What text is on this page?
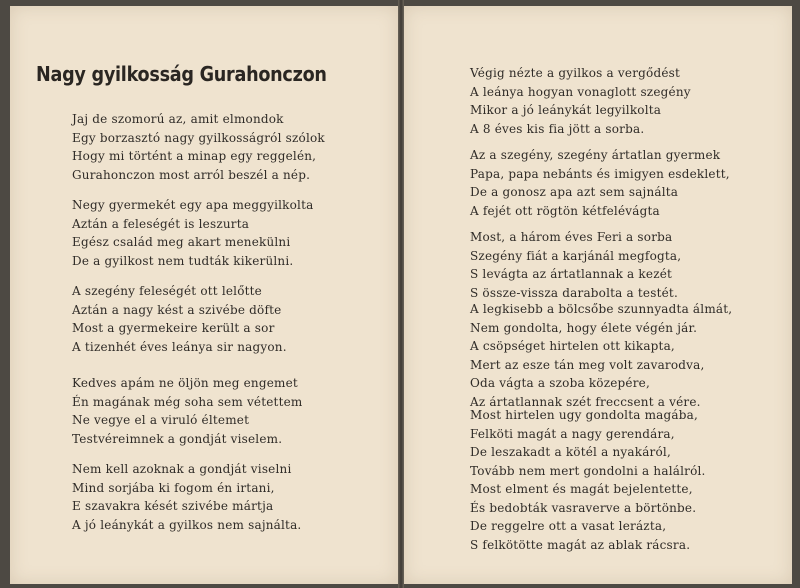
Nagy gyilkosság Gurahonczon
Jaj de szomorú az, amit elmondok
Egy borzasztó nagy gyilkosságról szólok
Hogy mi történt a minap egy reggelén,
Gurahonczon most arról beszél a nép.
Negy gyermekét egy apa meggyilkolta
Aztán a feleségét is leszurta
Egész család meg akart menekülni
De a gyilkost nem tudták kikerülni.
A szegény feleségét ott lelőtte
Aztán a nagy kést a szivébe döfte
Most a gyermekeire került a sor
A tizenhét éves leánya sir nagyon.
Kedves apám ne öljön meg engemet
Én magának még soha sem vétettem
Ne vegye el a viruló éltemet
Testvéreimnek a gondját viselem.
Nem kell azoknak a gondját viselni
Mind sorjába ki fogom én irtani,
E szavakra kését szivébe mártja
A jó leánykát a gyilkos nem sajnálta.
Végig nézte a gyilkos a vergődést
A leánya hogyan vonaglott szegény
Mikor a jó leánykát legyilkolta
A 8 éves kis fia jött a sorba.
Az a szegény, szegény ártatlan gyermek
Papa, papa nebánts és imigyen esdeklett,
De a gonosz apa azt sem sajnálta
A fejét ott rögtön kétfelévágta
Most, a három éves Feri a sorba
Szegény fiát a karjánál megfogta,
S levágta az ártatlannak a kezét
S össze-vissza darabolta a testét.
A legkisebb a bölcsőbe szunnyadta álmát,
Nem gondolta, hogy élete végén jár.
A csöpséget hirtelen ott kikapta,
Mert az esze tán meg volt zavarodva,
Oda vágta a szoba közepére,
Az ártatlannak szét freccsent a vére.
Most hirtelen ugy gondolta magába,
Felköti magát a nagy gerendára,
De leszakadt a kötél a nyakáról,
Tovább nem mert gondolni a halálról.
Most elment és magát bejelentette,
És bedobták vasraverve a börtönbe.
De reggelre ott a vasat lerázta,
S felkötötte magát az ablak rácsra.
